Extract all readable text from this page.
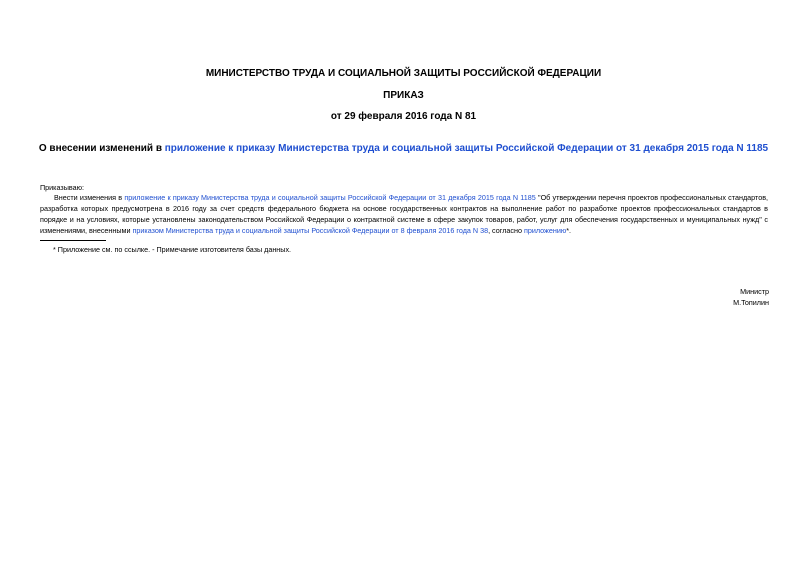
МИНИСТЕРСТВО ТРУДА И СОЦИАЛЬНОЙ ЗАЩИТЫ РОССИЙСКОЙ ФЕДЕРАЦИИ
ПРИКАЗ
от 29 февраля 2016 года N 81
О внесении изменений в приложение к приказу Министерства труда и социальной защиты Российской Федерации от 31 декабря 2015 года N 1185
Приказываю:
Внести изменения в приложение к приказу Министерства труда и социальной защиты Российской Федерации от 31 декабря 2015 года N 1185 "Об утверждении перечня проектов профессиональных стандартов,
разработка которых предусмотрена в 2016 году за счет средств федерального бюджета на основе государственных контрактов на выполнение работ по разработке проектов профессиональных стандартов в
порядке и на условиях, которые установлены законодательством Российской Федерации о контрактной системе в сфере закупок товаров, работ, услуг для обеспечения государственных и муниципальных нужд" с
изменениями, внесенными приказом Министерства труда и социальной защиты Российской Федерации от 8 февраля 2016 года N 38, согласно приложению*.
* Приложение см. по ссылке. - Примечание изготовителя базы данных.
Министр
М.Топилин
